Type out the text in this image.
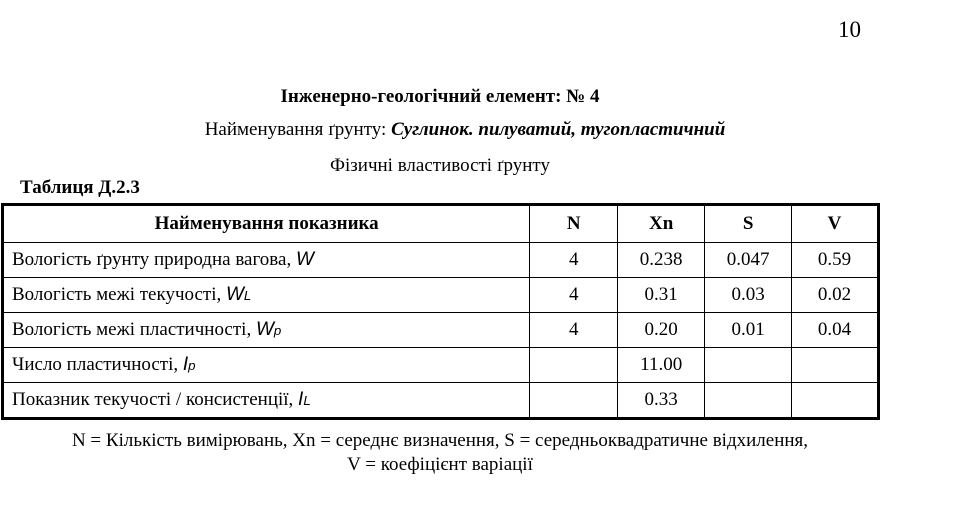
10
Інженерно-геологічний елемент: № 4
Найменування ґрунту: Суглинок. пилуватий, тугопластичний
Фізичні властивості ґрунту
Таблиця Д.2.3
Найменування показника	N	Xn	S	V
Вологість ґрунту природна вагова, W	4	0.238	0.047	0.59
Вологість межі текучості, WL	4	0.31	0.03	0.02
Вологість межі пластичності, Wp	4	0.20	0.01	0.04
Число пластичності, Ip		11.00		
Показник текучості / консистенції, IL		0.33		
N = Кількість вимірювань, Xn = середнє визначення, S = середньоквадратичне відхилення,
V = коефіцієнт варіації
